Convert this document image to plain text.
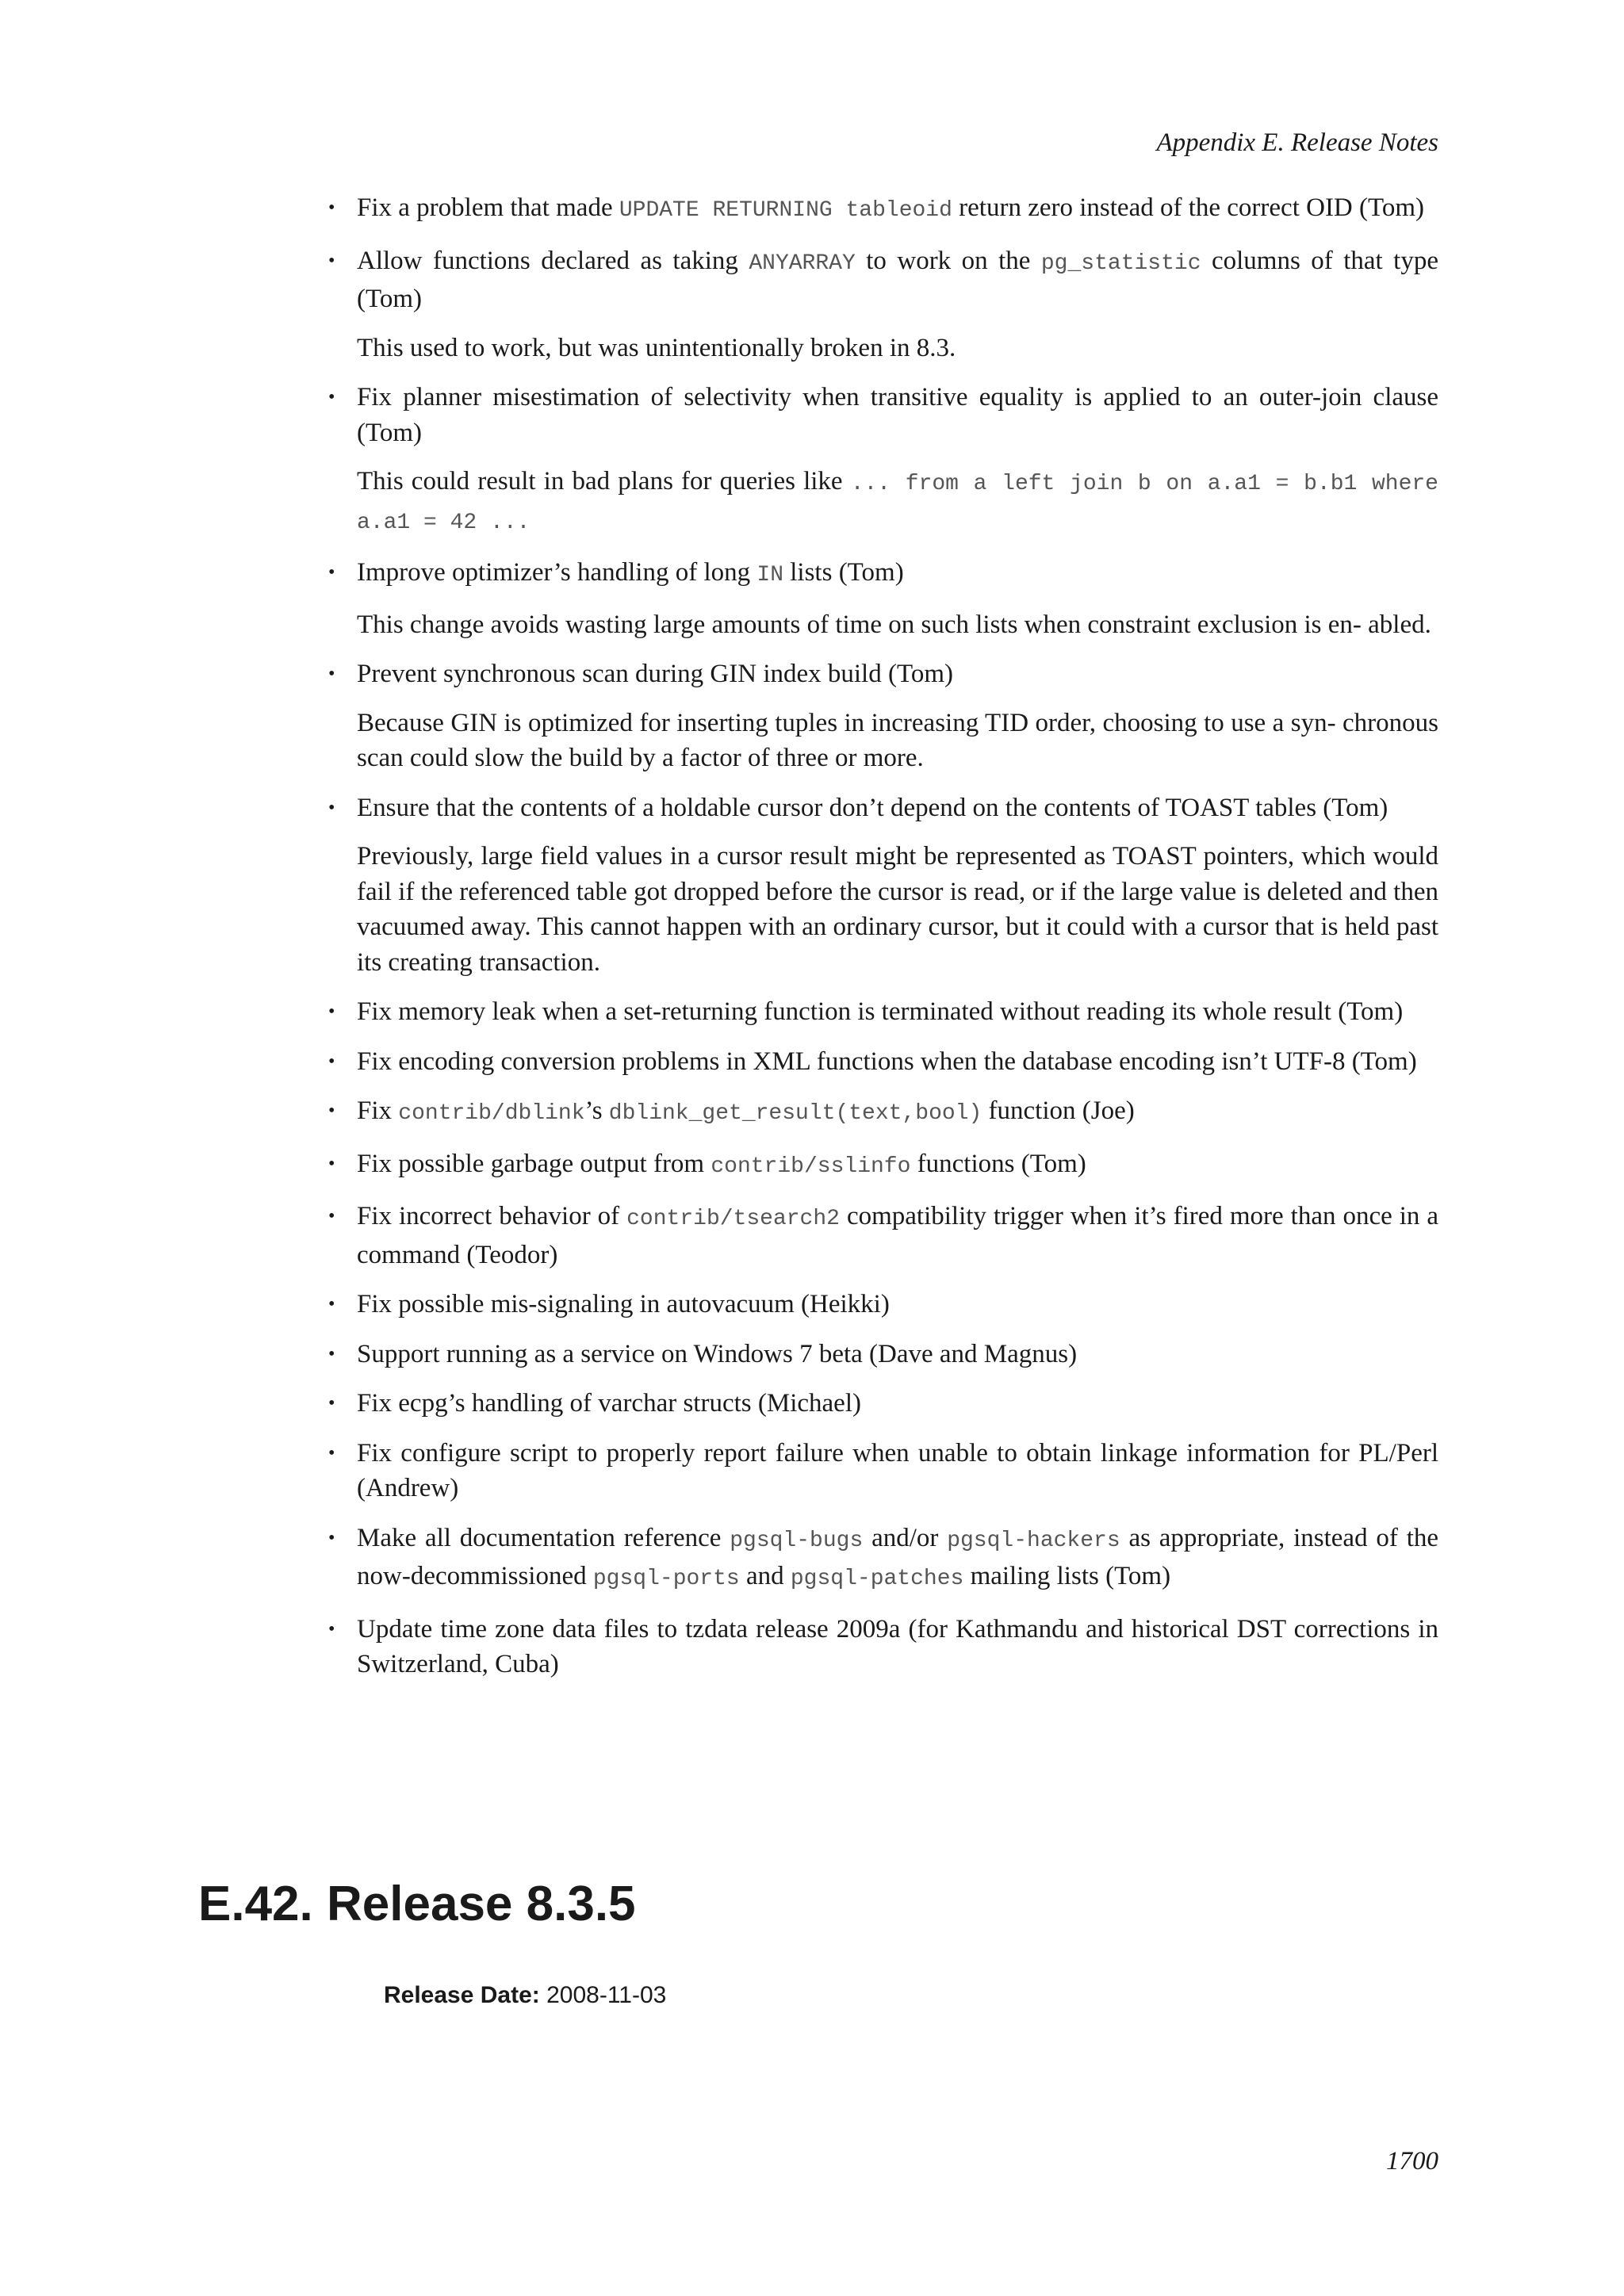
Appendix E. Release Notes
• Fix a problem that made UPDATE RETURNING tableoid return zero instead of the correct OID (Tom)

• Allow functions declared as taking ANYARRAY to work on the pg_statistic columns of that type (Tom)

This used to work, but was unintentionally broken in 8.3.

• Fix planner misestimation of selectivity when transitive equality is applied to an outer-join clause (Tom)

This could result in bad plans for queries like ... from a left join b on a.a1 = b.b1 where a.a1 = 42 ...

• Improve optimizer’s handling of long IN lists (Tom)

This change avoids wasting large amounts of time on such lists when constraint exclusion is en- abled.

• Prevent synchronous scan during GIN index build (Tom)

Because GIN is optimized for inserting tuples in increasing TID order, choosing to use a syn- chronous scan could slow the build by a factor of three or more.

• Ensure that the contents of a holdable cursor don’t depend on the contents of TOAST tables (Tom)

Previously, large field values in a cursor result might be represented as TOAST pointers, which would fail if the referenced table got dropped before the cursor is read, or if the large value is deleted and then vacuumed away. This cannot happen with an ordinary cursor, but it could with a cursor that is held past its creating transaction.

• Fix memory leak when a set-returning function is terminated without reading its whole result (Tom)

• Fix encoding conversion problems in XML functions when the database encoding isn’t UTF-8 (Tom)

• Fix contrib/dblink’s dblink_get_result(text,bool) function (Joe)

• Fix possible garbage output from contrib/sslinfo functions (Tom)

• Fix incorrect behavior of contrib/tsearch2 compatibility trigger when it’s fired more than once in a command (Teodor)

• Fix possible mis-signaling in autovacuum (Heikki)

• Support running as a service on Windows 7 beta (Dave and Magnus)

• Fix ecpg’s handling of varchar structs (Michael)

• Fix configure script to properly report failure when unable to obtain linkage information for PL/Perl (Andrew)

• Make all documentation reference pgsql-bugs and/or pgsql-hackers as appropriate, instead of the now-decommissioned pgsql-ports and pgsql-patches mailing lists (Tom)

• Update time zone data files to tzdata release 2009a (for Kathmandu and historical DST corrections in Switzerland, Cuba)

E.42. Release 8.3.5
Release Date: 2008-11-03
1700
